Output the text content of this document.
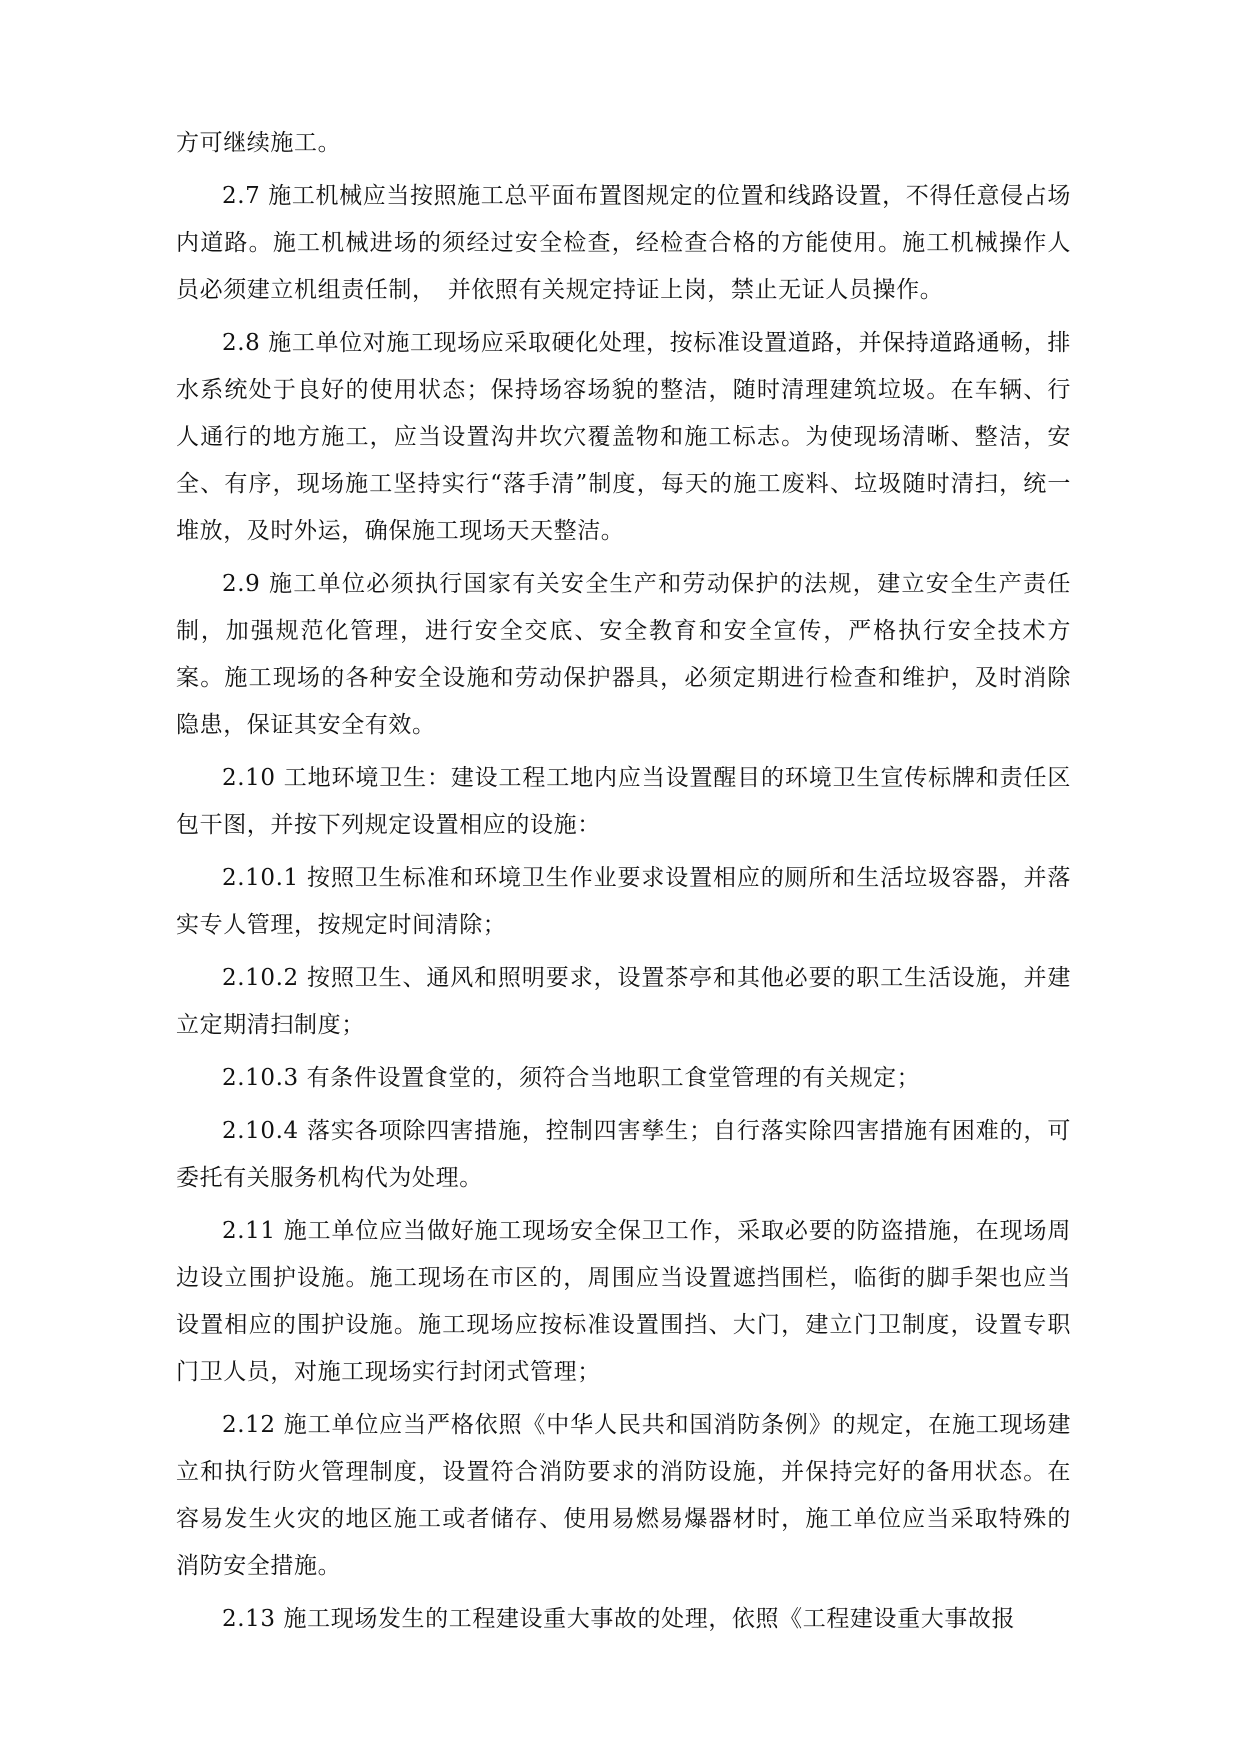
方可继续施工。

2.7 施工机械应当按照施工总平面布置图规定的位置和线路设置，不得任意侵占场内道路。施工机械进场的须经过安全检查，经检查合格的方能使用。施工机械操作人员必须建立机组责任制，　并依照有关规定持证上岗，禁止无证人员操作。

2.8 施工单位对施工现场应采取硬化处理，按标准设置道路，并保持道路通畅，排水系统处于良好的使用状态；保持场容场貌的整洁，随时清理建筑垃圾。在车辆、行人通行的地方施工，应当设置沟井坎穴覆盖物和施工标志。为使现场清晰、整洁，安全、有序，现场施工坚持实行“落手清”制度，每天的施工废料、垃圾随时清扫，统一堆放，及时外运，确保施工现场天天整洁。

2.9 施工单位必须执行国家有关安全生产和劳动保护的法规，建立安全生产责任制，加强规范化管理，进行安全交底、安全教育和安全宣传，严格执行安全技术方案。施工现场的各种安全设施和劳动保护器具，必须定期进行检查和维护，及时消除隐患，保证其安全有效。

2.10 工地环境卫生：建设工程工地内应当设置醒目的环境卫生宣传标牌和责任区包干图，并按下列规定设置相应的设施：

2.10.1 按照卫生标准和环境卫生作业要求设置相应的厕所和生活垃圾容器，并落实专人管理，按规定时间清除；

2.10.2 按照卫生、通风和照明要求，设置茶亭和其他必要的职工生活设施，并建立定期清扫制度；

2.10.3 有条件设置食堂的，须符合当地职工食堂管理的有关规定；

2.10.4 落实各项除四害措施，控制四害孳生；自行落实除四害措施有困难的，可委托有关服务机构代为处理。

2.11 施工单位应当做好施工现场安全保卫工作，采取必要的防盗措施，在现场周边设立围护设施。施工现场在市区的，周围应当设置遮挡围栏，临街的脚手架也应当设置相应的围护设施。施工现场应按标准设置围挡、大门，建立门卫制度，设置专职门卫人员，对施工现场实行封闭式管理；

2.12 施工单位应当严格依照《中华人民共和国消防条例》的规定，在施工现场建立和执行防火管理制度，设置符合消防要求的消防设施，并保持完好的备用状态。在容易发生火灾的地区施工或者储存、使用易燃易爆器材时，施工单位应当采取特殊的消防安全措施。

2.13 施工现场发生的工程建设重大事故的处理，依照《工程建设重大事故报
